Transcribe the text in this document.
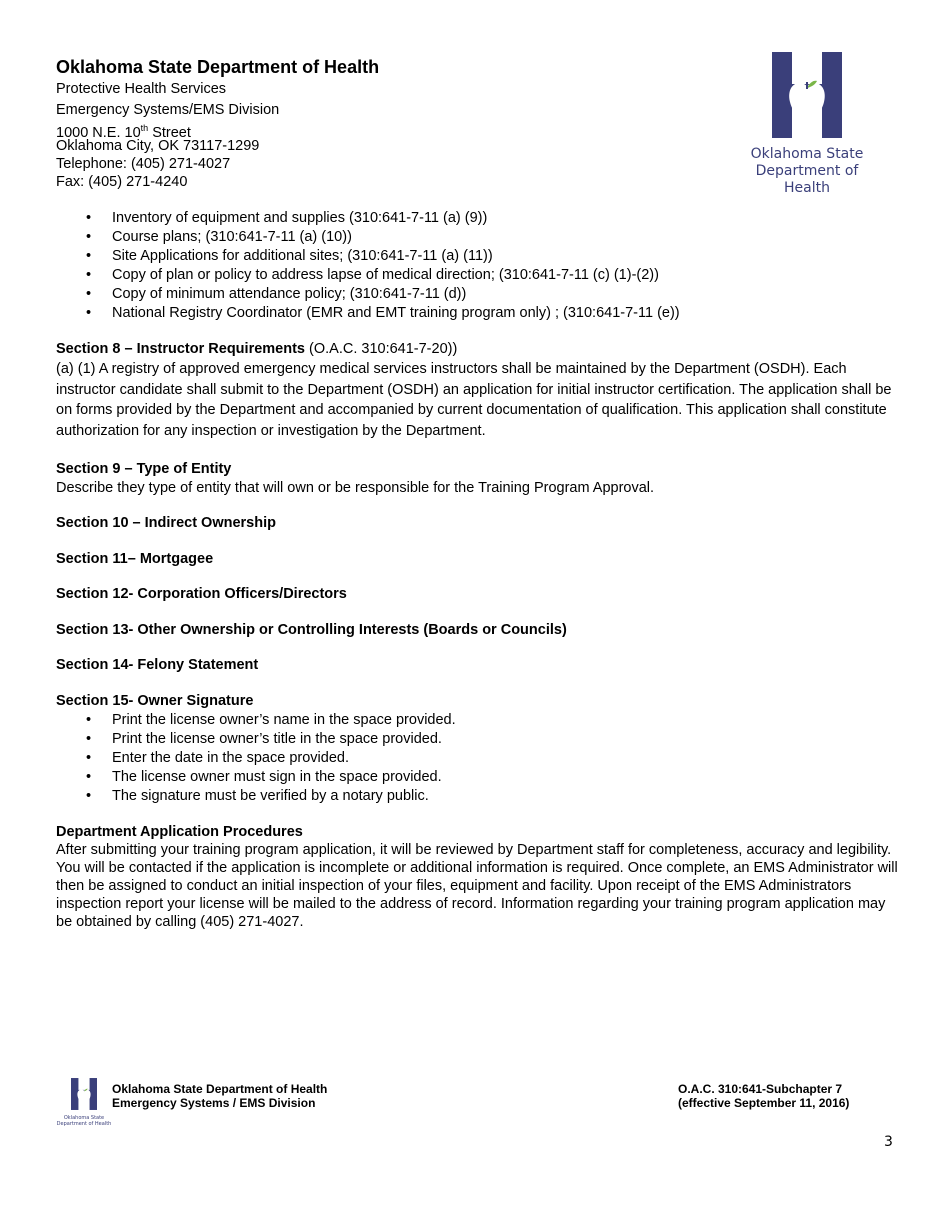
Oklahoma State Department of Health
Protective Health Services
Emergency Systems/EMS Division
1000 N.E. 10th Street
Oklahoma City, OK 73117-1299
Telephone: (405) 271-4027
Fax: (405) 271-4240
Oklahoma State
Department of Health
• Inventory of equipment and supplies (310:641-7-11 (a) (9))
• Course plans; (310:641-7-11 (a) (10))
• Site Applications for additional sites; (310:641-7-11 (a) (11))
• Copy of plan or policy to address lapse of medical direction; (310:641-7-11 (c) (1)-(2))
• Copy of minimum attendance policy; (310:641-7-11 (d))
• National Registry Coordinator (EMR and EMT training program only) ; (310:641-7-11 (e))
Section 8 – Instructor Requirements (O.A.C. 310:641-7-20))
(a) (1) A registry of approved emergency medical services instructors shall be maintained by the Department (OSDH). Each instructor candidate shall submit to the Department (OSDH) an application for initial instructor certification. The application shall be on forms provided by the Department and accompanied by current documentation of qualification. This application shall constitute authorization for any inspection or investigation by the Department.
Section 9 – Type of Entity
Describe they type of entity that will own or be responsible for the Training Program Approval.
Section 10 – Indirect Ownership
Section 11– Mortgagee
Section 12- Corporation Officers/Directors
Section 13- Other Ownership or Controlling Interests (Boards or Councils)
Section 14- Felony Statement
Section 15- Owner Signature
• Print the license owner’s name in the space provided.
• Print the license owner’s title in the space provided.
• Enter the date in the space provided.
• The license owner must sign in the space provided.
• The signature must be verified by a notary public.
Department Application Procedures
After submitting your training program application, it will be reviewed by Department staff for completeness, accuracy and legibility. You will be contacted if the application is incomplete or additional information is required. Once complete, an EMS Administrator will then be assigned to conduct an initial inspection of your files, equipment and facility. Upon receipt of the EMS Administrators inspection report your license will be mailed to the address of record. Information regarding your training program application may be obtained by calling (405) 271-4027.
Oklahoma State
Department of Health
Oklahoma State Department of Health
Emergency Systems / EMS Division
O.A.C. 310:641-Subchapter 7
(effective September 11, 2016)
3
